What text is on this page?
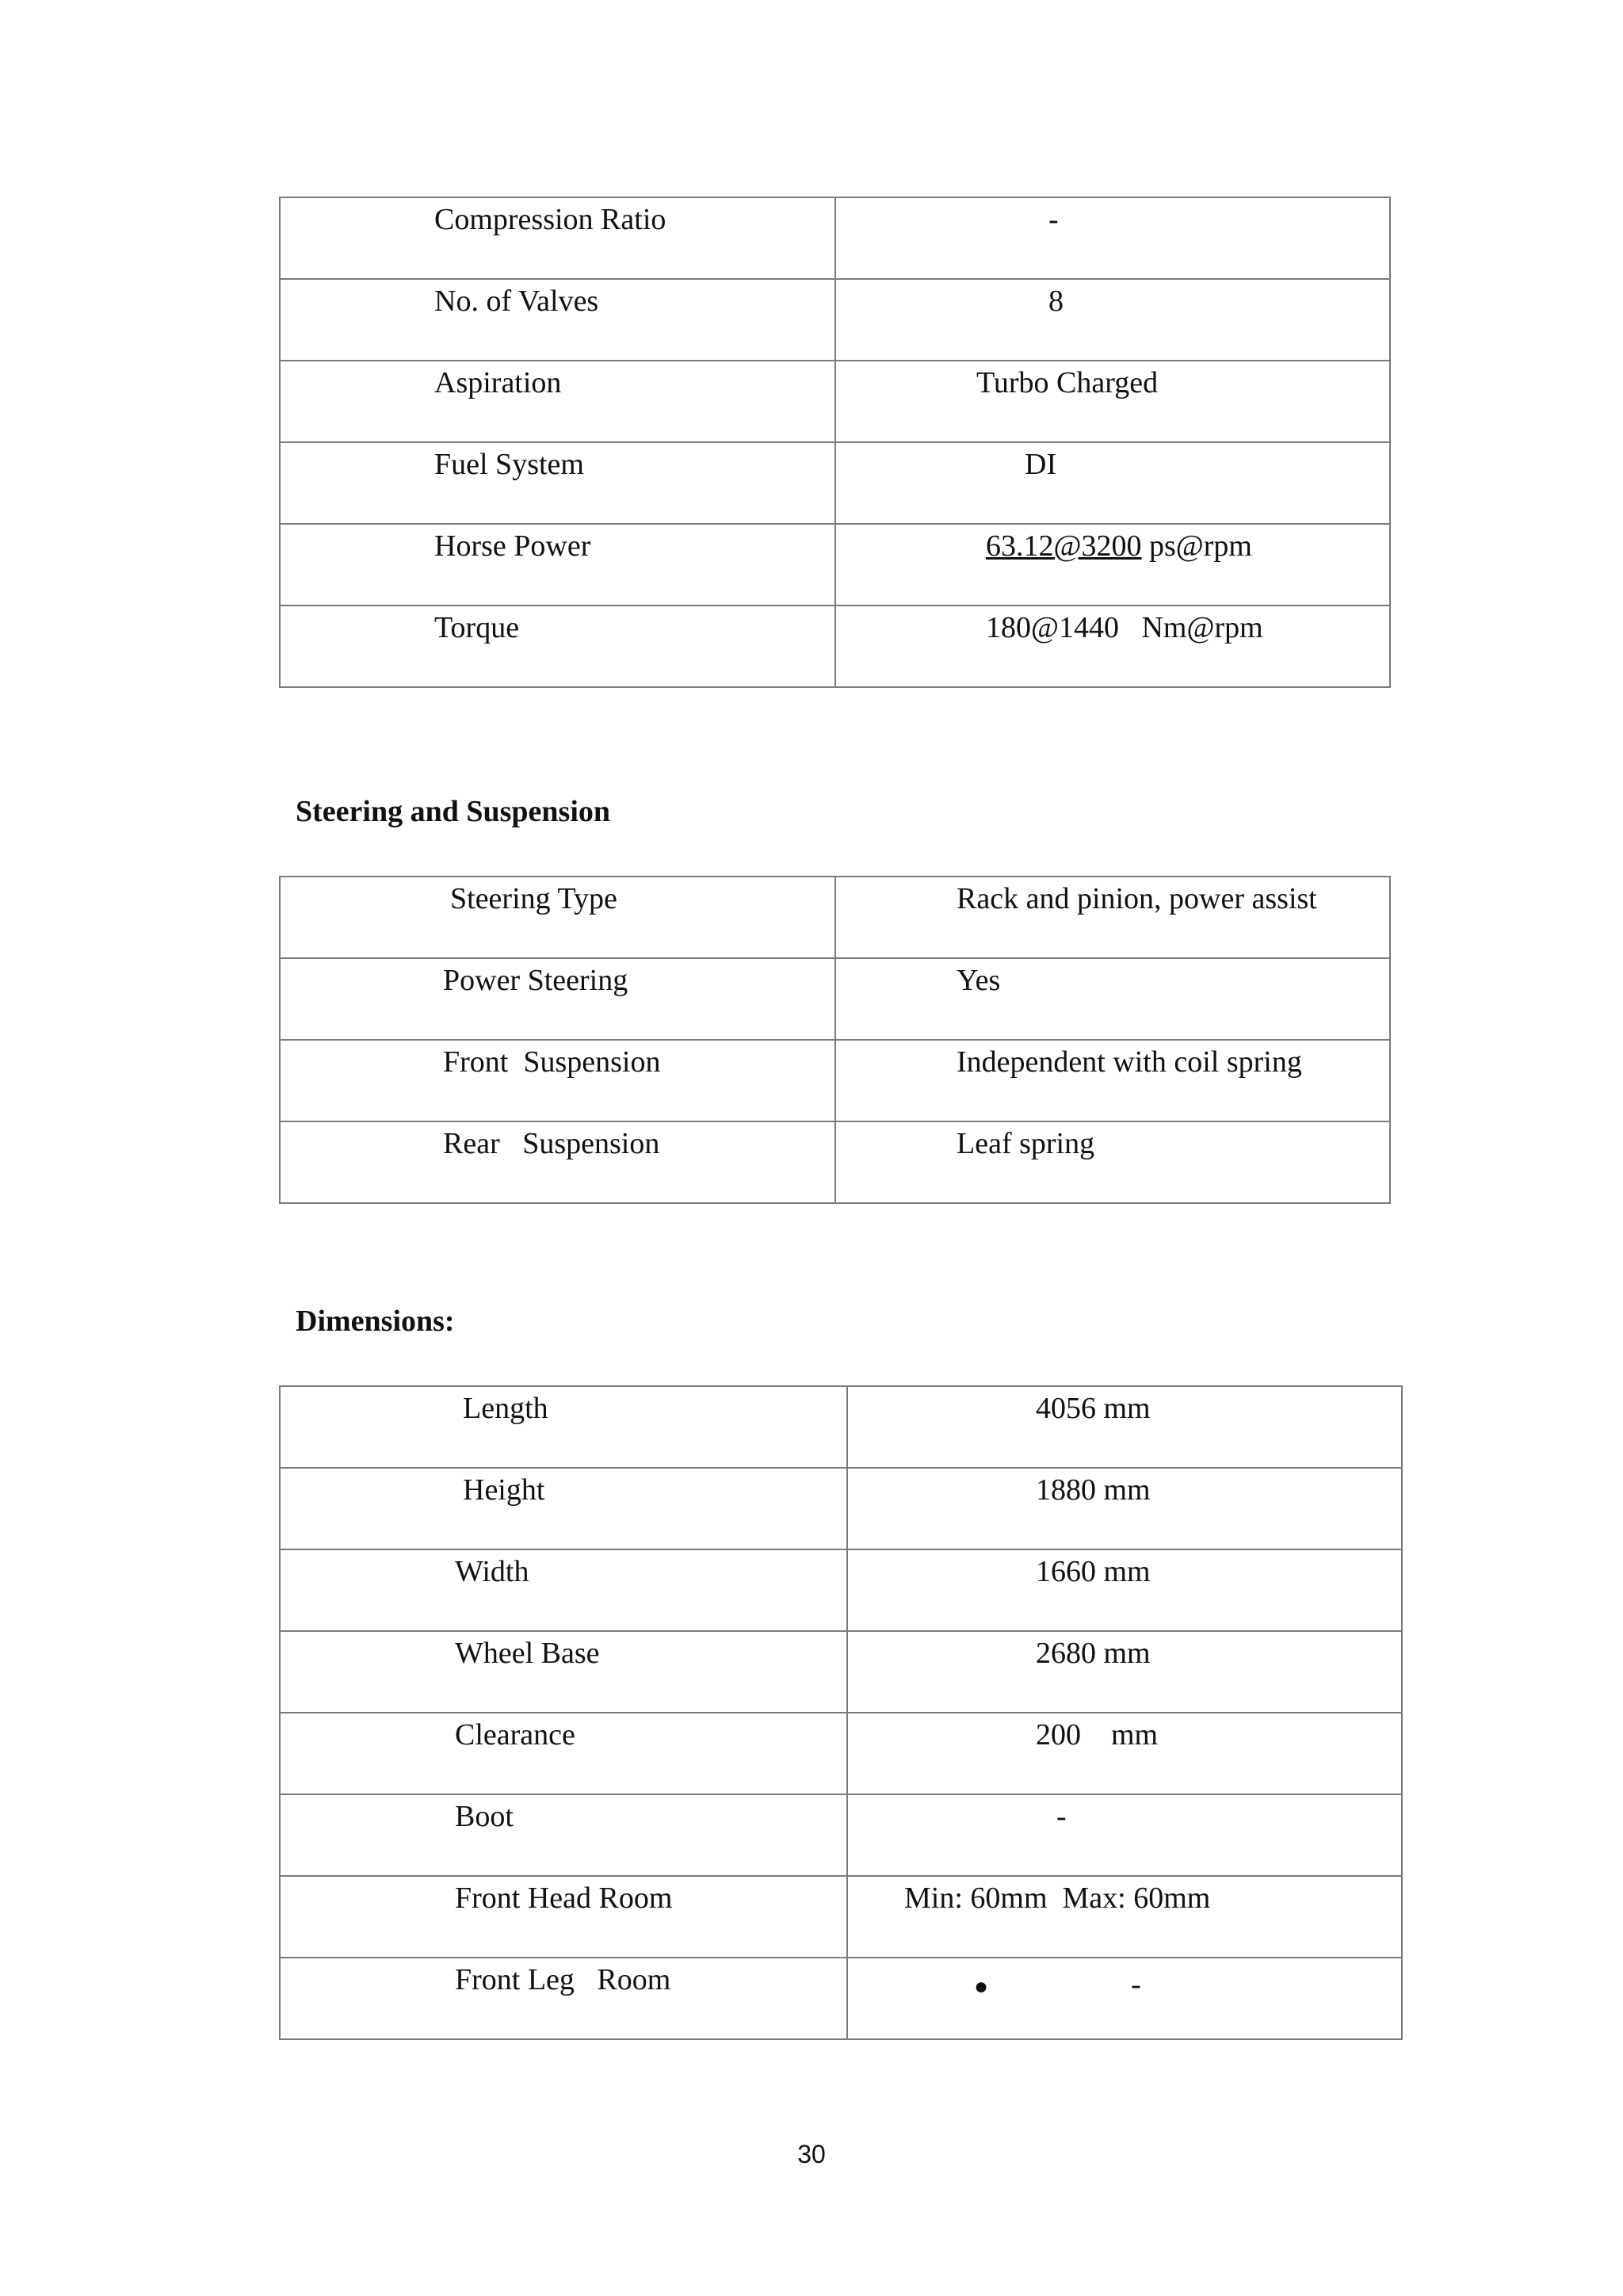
Compression Ratio	-

No. of Valves	8

Aspiration	Turbo Charged

Fuel System	DI

Horse Power	63.12@3200 ps@rpm

Torque	180@1440   Nm@rpm
Steering and Suspension
Steering Type	Rack and pinion, power assist

Power Steering	Yes

Front  Suspension	Independent with coil spring

Rear   Suspension	Leaf spring
Dimensions:
Length	4056 mm

Height	1880 mm

Width	1660 mm

Wheel Base	2680 mm

Clearance	200    mm

Boot	-

Front Head Room	Min: 60mm  Max: 60mm

Front Leg   Room	● -
30
